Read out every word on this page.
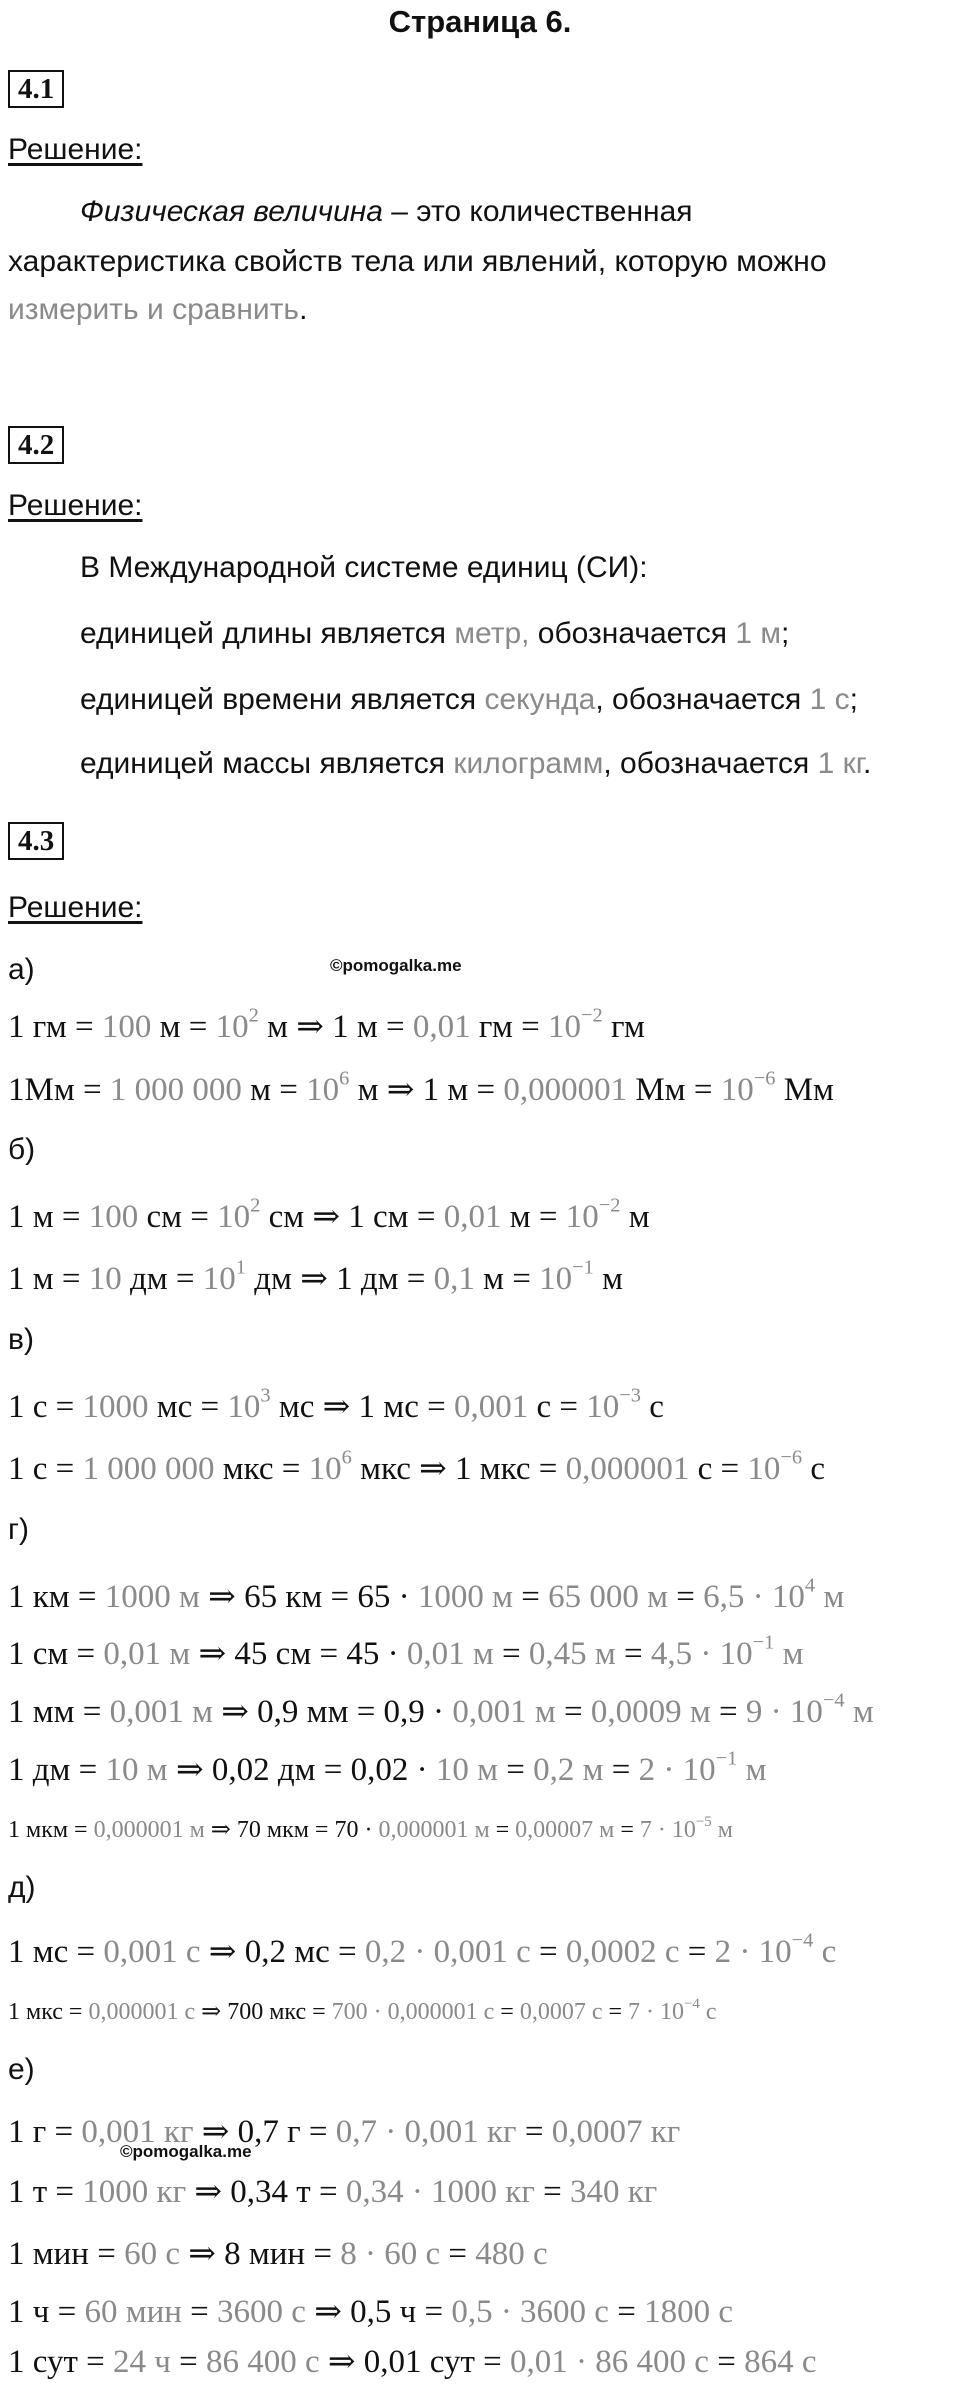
Страница 6.
4.1
Решение:
Физическая величина – это количественная
характеристика свойств тела или явлений, которую можно
измерить и сравнить.
4.2
Решение:
В Международной системе единиц (СИ):
единицей длины является метр, обозначается 1 м;
единицей времени является секунда, обозначается 1 с;
единицей массы является килограмм, обозначается 1 кг.
4.3
Решение:
а)	©pomogalka.me
1 гм = 100 $м = 10^2$ м ⇒ 1 м = 0,01 гм = $10^{-2}$ гм
1Мм = 1 000 000 $м = 10^6$ м ⇒ 1 м = 0,000001 Мм = $10^{-6}$ Мм
б)
1 м = 100 см = $10^2$ см ⇒ 1 см = 0,01 $м = 10^{-2}$ м
1 м = 10 дм = $10^1$ дм ⇒ 1 дм = 0,1 $м = 10^{-1}$ м
в)
1 с = 1000 мс = $10^3$ мс ⇒ 1 мс = 0,001 $с = 10^{-3}$ с
1 с = 1 000 000 мкс = $10^6$ мкс ⇒ 1 мкс = 0,000001 $с = 10^{-6}$ с
г)
1 км = 1000 м ⇒ 65 км = 65 · 1000 м = 65 000 $м = 6,5 \cdot 10^4$ м
1 см = 0,01 м ⇒ 45 см = 45 · 0,01 м = 0,45 $м = 4,5 \cdot 10^{-1}$ м
1 мм = 0,001 м ⇒ 0,9 мм = 0,9 · 0,001 м = 0,0009 $м = 9 \cdot 10^{-4}$ м
1 дм = 10 м ⇒ 0,02 дм = 0,02 · 10 м = 0,2 $м = 2 \cdot 10^{-1}$ м
1 мкм = 0,000001 м ⇒ 70 мкм = 70 · 0,000001 м = 0,00007 $м = 7 \cdot 10^{-5}$ м
д)
1 мс = 0,001 с ⇒ 0,2 мс = 0,2 · 0,001 с = 0,0002 $с = 2 \cdot 10^{-4}$ с
1 мкс = 0,000001 с ⇒ 700 мкс = 700 · 0,000001 с = 0,0007 $с = 7 \cdot 10^{-4}$ с
е)
1 г = 0,001 кг ⇒ 0,7 г = 0,7 · 0,001 кг = 0,0007 кг
©pomogalka.me
1 т = 1000 кг ⇒ 0,34 т = 0,34 · 1000 кг = 340 кг
1 мин = 60 с ⇒ 8 мин = 8 · 60 с = 480 с
1 ч = 60 мин = 3600 с ⇒ 0,5 ч = 0,5 · 3600 с = 1800 с
1 сут = 24 ч = 86 400 с ⇒ 0,01 сут = 0,01 · 86 400 с = 864 с
